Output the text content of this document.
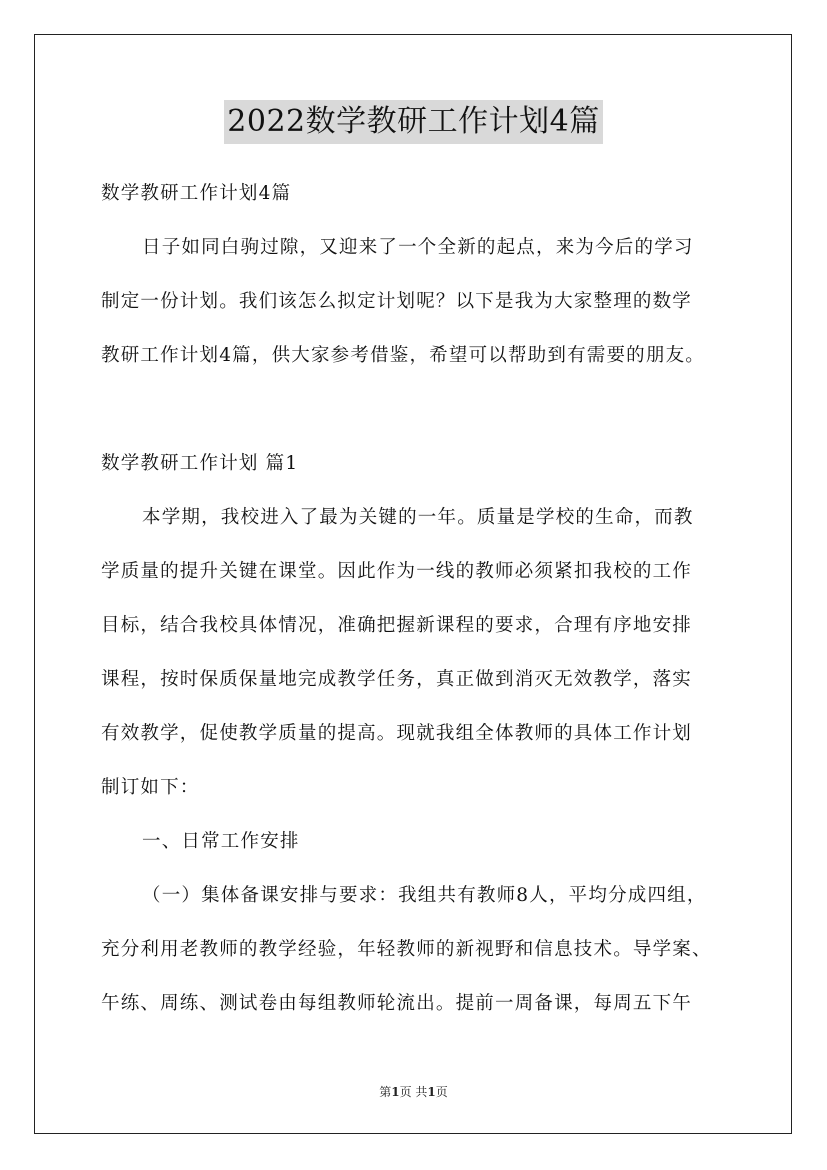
2022数学教研工作计划4篇
数学教研工作计划4篇
日子如同白驹过隙，又迎来了一个全新的起点，来为今后的学习
制定一份计划。我们该怎么拟定计划呢？以下是我为大家整理的数学
教研工作计划4篇，供大家参考借鉴，希望可以帮助到有需要的朋友。
数学教研工作计划 篇1
本学期，我校进入了最为关键的一年。质量是学校的生命，而教
学质量的提升关键在课堂。因此作为一线的教师必须紧扣我校的工作
目标，结合我校具体情况，准确把握新课程的要求，合理有序地安排
课程，按时保质保量地完成教学任务，真正做到消灭无效教学，落实
有效教学，促使教学质量的提高。现就我组全体教师的具体工作计划
制订如下：
一、日常工作安排
（一）集体备课安排与要求：我组共有教师8人，平均分成四组，
充分利用老教师的教学经验，年轻教师的新视野和信息技术。导学案、
午练、周练、测试卷由每组教师轮流出。提前一周备课，每周五下午
第1页 共1页
